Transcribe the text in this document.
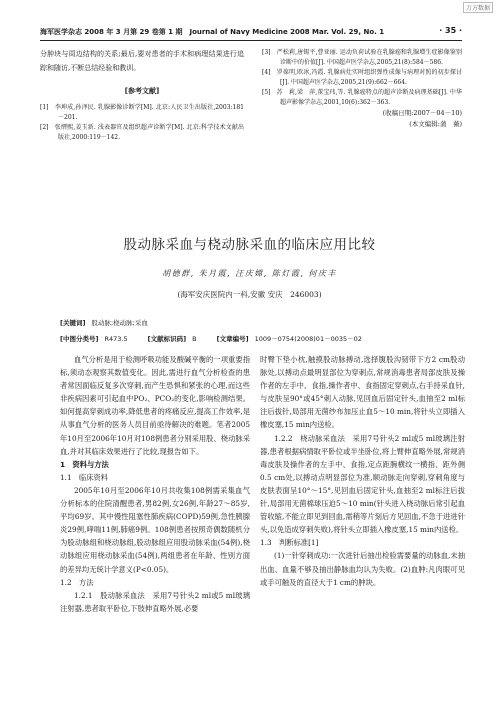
万方数据
海军医学杂志 2008 年 3 月第 29 卷第 1 期　Journal of Navy Medicine 2008 Mar. Vol. 29, No. 1	· 35 ·

分肿块与周边结构的关系;最后,要对患者的手术和病理结果进行追踪和随访,不断总结经验和教训。

[参考文献]

[1]　李坤成,孙泽民. 乳腺影像诊断学[M]. 北京:人民卫生出版社,2003:181－201.

[2]　张缙熙,姜玉新. 浅表器官及组织超声诊断学[M]. 北京:科学技术文献出版社,2000:119－142.

[3]　严松莉,唐锡平,曹亚丽. 运动负荷试验在乳腺癌和乳腺增生症影像鉴别诊断中的价值[J]. 中国超声医学杂志,2005,21(8):584－586.

[4]　罗葆明,欧冰,冯霞. 乳腺病灶实时组织弹性成像与病理对照的初步探讨[J]. 中国超声医学杂志,2005,21(9):662－664.

[5]　苏　莉,梁　萍,董宝玮,等. 乳腺癌特点的超声诊断及病理基础[J]. 中华超声影像学杂志,2001,10(6):362－363.

(收稿日期:2007－04－10)
(本文编辑:蒲　薇)
股动脉采血与桡动脉采血的临床应用比较
胡德群, 朱月霞, 汪庆嫦, 陈灯霞, 何庆丰
(海军安庆医院内一科,安徽 安庆　246003)
[关键词] 股动脉;桡动脉;采血
[中图分类号] R473.5	[文献标识码] B	[文章编号] 1009－0754(2008)01－0035－02

血气分析是用于检测呼吸功能及酸碱平衡的一项重要指标,须动态观察其数值变化。因此,需进行血气分析检查的患者常因面临反复多次穿刺,而产生恐惧和紧张的心理,而这些非疾病因素可引起血中PO₂、PCO₂的变化,影响检测结果。如何提高穿刺成功率,降低患者的疼痛反应,提高工作效率,是从事血气分析的医务人员目前亟待解决的难题。笔者2005年10月至2006年10月对108例患者分别采用股、桡动脉采血,并对其临床效果进行了比较,现报告如下。

1　资料与方法

1.1　临床资料

2005年10月至2006年10月共收集108例需采集血气分析标本的住院清醒患者,男82例,女26例,年龄27～85岁,平均69岁。其中慢性阻塞性肺疾病(COPD)59例,急性胰腺炎29例,哮喘11例,肺癌9例。108例患者按照奇偶数随机分为股动脉组和桡动脉组,股动脉组应用股动脉采血(54例),桡动脉组应用桡动脉采血(54例),两组患者在年龄、性别方面的差异均无统计学意义(P<0.05)。

1.2　方法

1.2.1　股动脉采血法　采用7号针头2 ml或5 ml玻璃注射器,患者取平卧位,下肢伸直略外展,必要

时臀下垫小枕,触摸股动脉搏动,选择腹股沟韧带下方2 cm股动脉处,以搏动点最明显部位为穿刺点,常规消毒患者局部皮肤及操作者的左手中、食指,操作者中、食指固定穿刺点,右手持采血针,与皮肤呈90°或45°刺入动脉,见回血后固定针头,血抽至2 ml标注后拔针,局部用无菌纱布加压止血5～10 min,将针头立即插入橡皮塞,15 min内送检。

1.2.2　桡动脉采血法　采用7号针头2 ml或5 ml玻璃注射器,患者根据病情取平卧位或半坐卧位,将上臂伸直略外展,常规消毒皮肤及操作者的左手中、食指,定点距腕横纹一横指、距外侧0.5 cm处,以搏动点明显部位为准,顺动脉走向穿刺,穿刺角度与皮肤表面呈10°～15°,见回血后固定针头,血抽至2 ml标注后拔针,局部用无菌棉球压迫5～10 min(针头进入桡动脉后常引起血管收缩,不能立即见到回血,需稍等片刻后方见回血,不急于进进针头,以免造成穿刺失败),将针头立即插入橡皮塞,15 min内送检。

1.3　判断标准[1]

(1)一针穿刺成功:一次进针后抽出检验需要量的动脉血,未抽出血、血量不够及抽出静脉血均认为失败。(2)血肿:凡肉眼可见或手可触及的直径大于1 cm的肿块。
